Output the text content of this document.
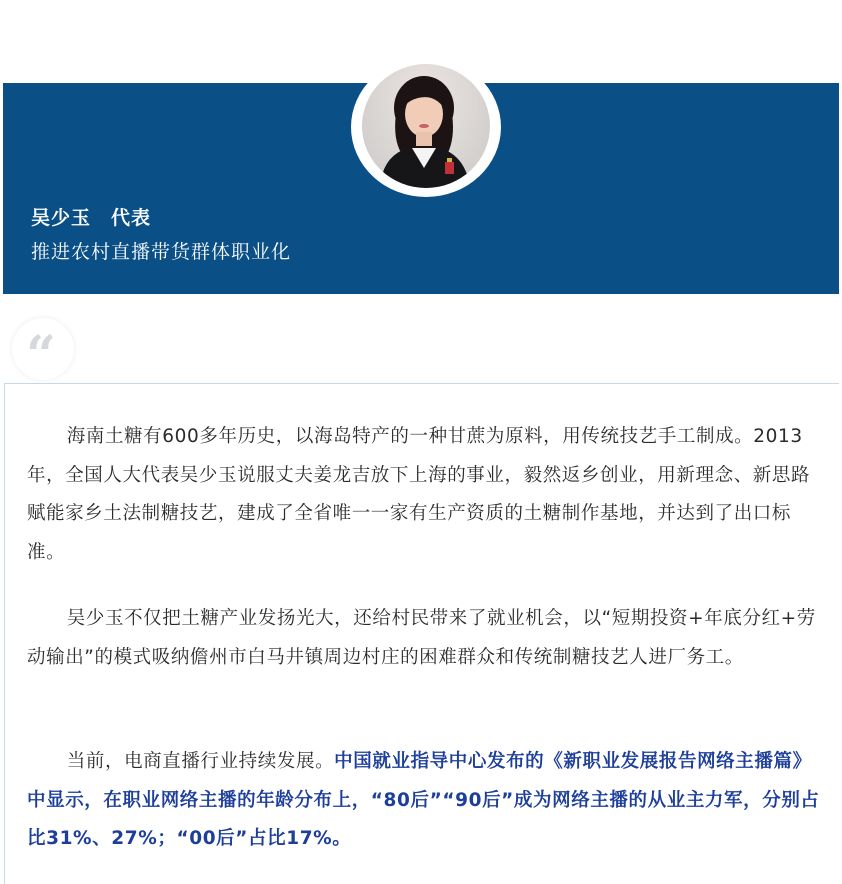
吴少玉　代表
推进农村直播带货群体职业化
“

海南土糖有600多年历史，以海岛特产的一种甘蔗为原料，用传统技艺手工制成。2013年，全国人大代表吴少玉说服丈夫姜龙吉放下上海的事业，毅然返乡创业，用新理念、新思路赋能家乡土法制糖技艺，建成了全省唯一一家有生产资质的土糖制作基地，并达到了出口标准。

吴少玉不仅把土糖产业发扬光大，还给村民带来了就业机会，以“短期投资+年底分红+劳动输出”的模式吸纳儋州市白马井镇周边村庄的困难群众和传统制糖技艺人进厂务工。

当前，电商直播行业持续发展。中国就业指导中心发布的《新职业发展报告网络主播篇》中显示，在职业网络主播的年龄分布上，“80后”“90后”成为网络主播的从业主力军，分别占比31%、27%；“00后”占比17%。
